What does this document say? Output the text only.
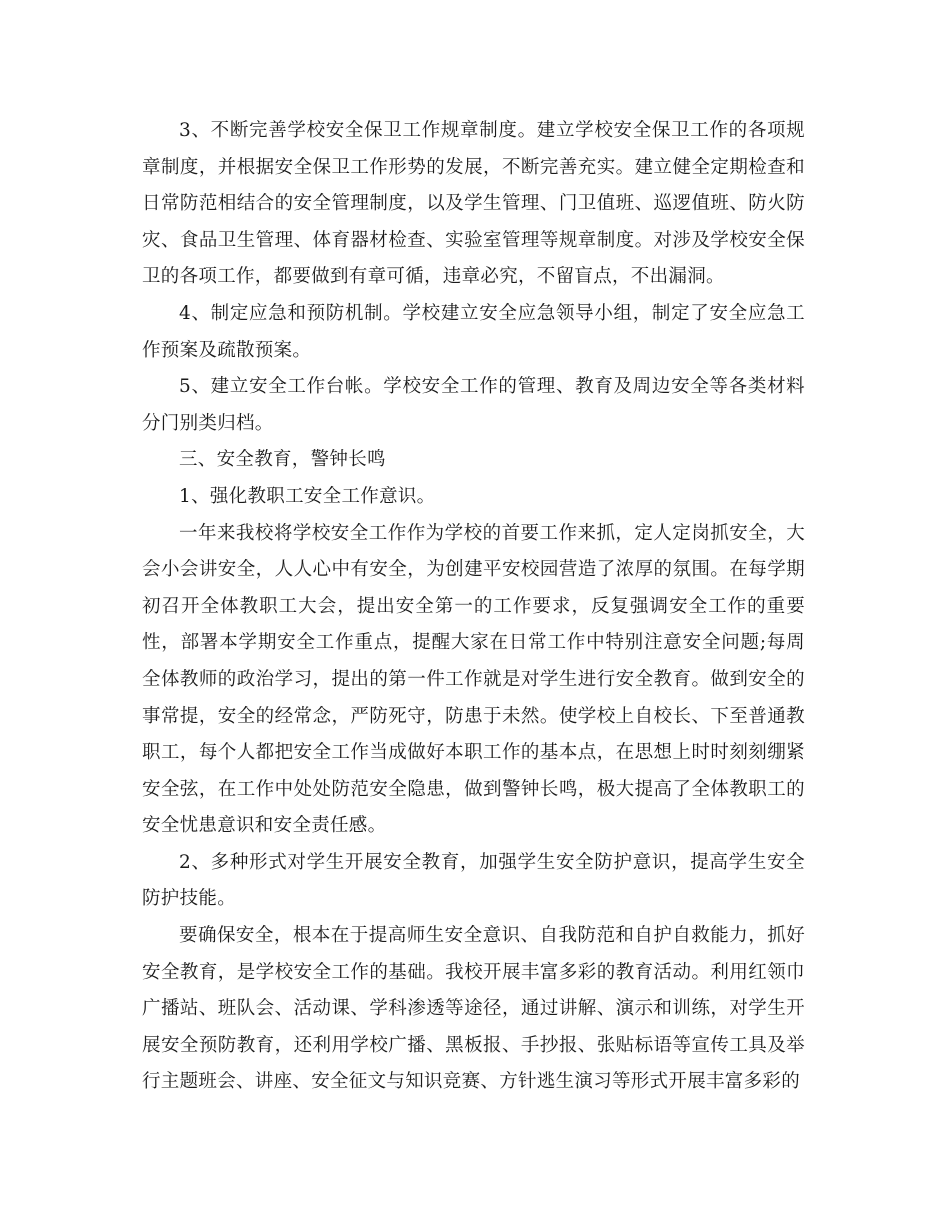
3、不断完善学校安全保卫工作规章制度。建立学校安全保卫工作的各项规章制度，并根据安全保卫工作形势的发展，不断完善充实。建立健全定期检查和日常防范相结合的安全管理制度，以及学生管理、门卫值班、巡逻值班、防火防灾、食品卫生管理、体育器材检查、实验室管理等规章制度。对涉及学校安全保卫的各项工作，都要做到有章可循，违章必究，不留盲点，不出漏洞。

4、制定应急和预防机制。学校建立安全应急领导小组，制定了安全应急工作预案及疏散预案。

5、建立安全工作台帐。学校安全工作的管理、教育及周边安全等各类材料分门别类归档。

三、安全教育，警钟长鸣

1、强化教职工安全工作意识。

一年来我校将学校安全工作作为学校的首要工作来抓，定人定岗抓安全，大会小会讲安全，人人心中有安全，为创建平安校园营造了浓厚的氛围。在每学期初召开全体教职工大会，提出安全第一的工作要求，反复强调安全工作的重要性，部署本学期安全工作重点，提醒大家在日常工作中特别注意安全问题;每周全体教师的政治学习，提出的第一件工作就是对学生进行安全教育。做到安全的事常提，安全的经常念，严防死守，防患于未然。使学校上自校长、下至普通教职工，每个人都把安全工作当成做好本职工作的基本点，在思想上时时刻刻绷紧安全弦，在工作中处处防范安全隐患，做到警钟长鸣，极大提高了全体教职工的安全忧患意识和安全责任感。

2、多种形式对学生开展安全教育，加强学生安全防护意识，提高学生安全防护技能。

要确保安全，根本在于提高师生安全意识、自我防范和自护自救能力，抓好安全教育，是学校安全工作的基础。我校开展丰富多彩的教育活动。利用红领巾广播站、班队会、活动课、学科渗透等途径，通过讲解、演示和训练，对学生开展安全预防教育，还利用学校广播、黑板报、手抄报、张贴标语等宣传工具及举行主题班会、讲座、安全征文与知识竞赛、方针逃生演习等形式开展丰富多彩的
